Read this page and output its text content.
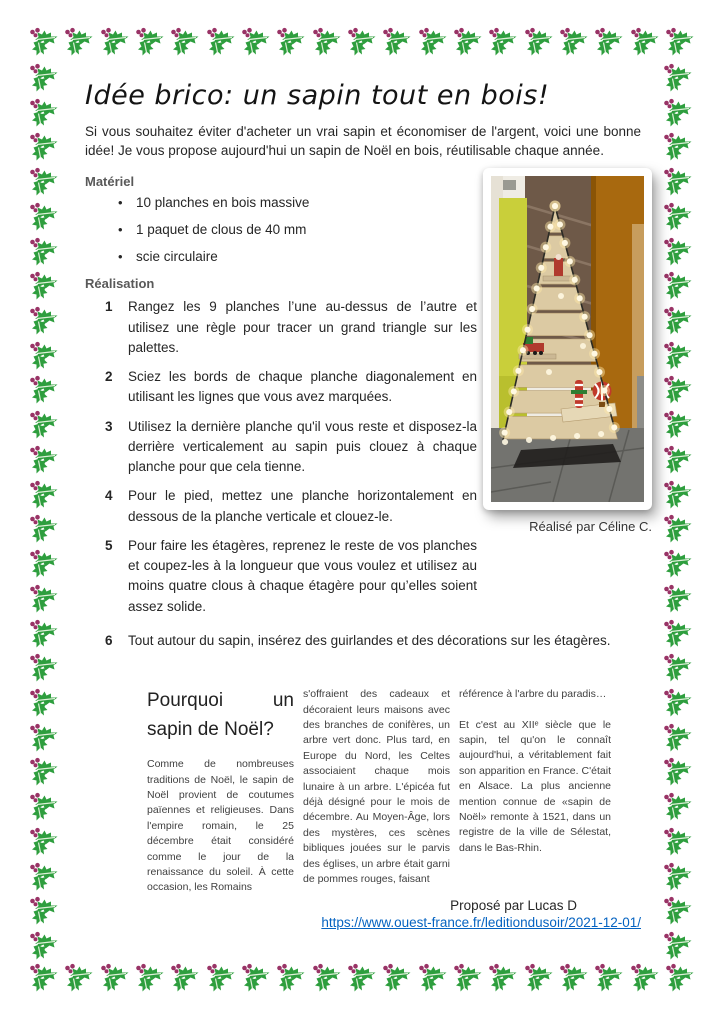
Idée brico: un sapin tout en bois!

Si vous souhaitez éviter d'acheter un vrai sapin et économiser de l'argent, voici une bonne idée! Je vous propose aujourd'hui un sapin de Noël en bois, réutilisable chaque année.

Matériel
• 10 planches en bois massive
• 1 paquet de clous de 40 mm
• scie circulaire
Réalisation
1	Rangez les 9 planches l’une au-dessus de l’autre et utilisez une règle pour tracer un grand triangle sur les palettes.
2	Sciez les bords de chaque planche diagonalement en utilisant les lignes que vous avez marquées.
3	Utilisez la dernière planche qu'il vous reste et disposez-la derrière verticalement au sapin puis clouez à chaque planche pour que cela tienne.
4	Pour le pied, mettez une planche horizontalement en dessous de la planche verticale et clouez-le.
5	Pour faire les étagères, reprenez le reste de vos planches et coupez-les à la longueur que vous voulez et utilisez au moins quatre clous à chaque étagère pour qu’elles soient assez solide.
Réalisé par Céline C.
6	Tout autour du sapin, insérez des guirlandes et des décorations sur les étagères.
Pourquoi un sapin de Noël?

Comme de nombreuses traditions de Noël, le sapin de Noël provient de coutumes païennes et religieuses. Dans l'empire romain, le 25 décembre était considéré comme le jour de la renaissance du soleil. À cette occasion, les Romains

s'offraient des cadeaux et décoraient leurs maisons avec des branches de conifères, un arbre vert donc. Plus tard, en Europe du Nord, les Celtes associaient chaque mois lunaire à un arbre. L'épicéa fut déjà désigné pour le mois de décembre. Au Moyen-Âge, lors des mystères, ces scènes bibliques jouées sur le parvis des églises, un arbre était garni de pommes rouges, faisant

référence à l'arbre du paradis…

Et c'est au XIIᵉ siècle que le sapin, tel qu'on le connaît aujourd'hui, a véritablement fait son apparition en France. C'était en Alsace. La plus ancienne mention connue de «sapin de Noël» remonte à 1521, dans un registre de la ville de Sélestat, dans le Bas-Rhin.

Proposé par Lucas D
https://www.ouest-france.fr/leditiondusoir/2021-12-01/
